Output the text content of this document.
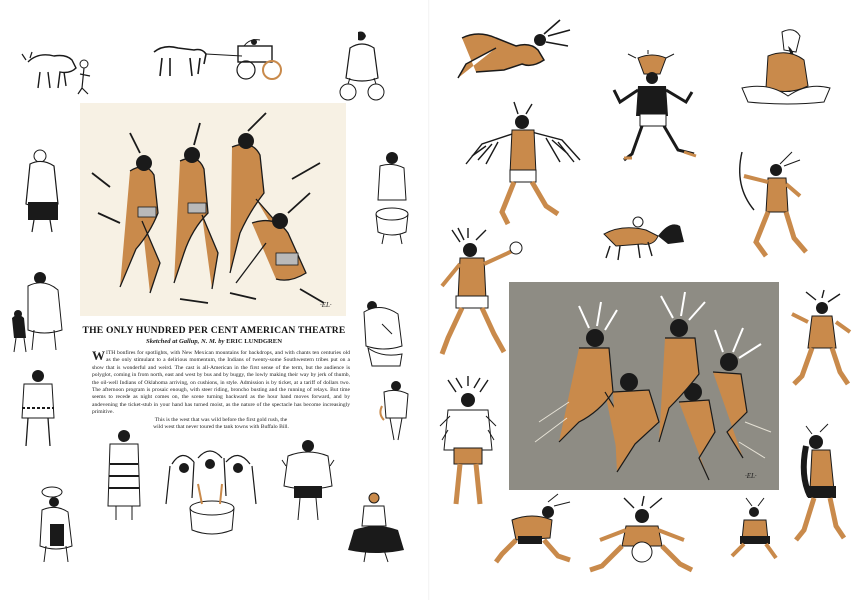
·EL·
THE ONLY HUNDRED PER CENT AMERICAN THEATRE
Sketched at Gallup, N. M. by ERIC LUNDGREN

WITH bonfires for spotlights, with New Mexican mountains for backdrops, and with chants ten centuries old as the only stimulant to a delirious momentum, the Indians of twenty-some Southwestern tribes put on a show that is wonderful and weird. The cast is all-American in the first sense of the term, but the audience is polyglot, coming in from north, east and west by bus and by buggy, the lowly making their way by jerk of thumb, the oil-well Indians of Oklahoma arriving, on cushions, in style. Admission is by ticket, at a tariff of dollars two. The afternoon program is prosaic enough, with steer riding, broncho busting and the running of relays. But time seems to recede as night comes on, the scene turning backward as the hour hand moves forward, and by andevening the ticket-stub in your hand has turned moist, as the nature of the spectacle has become increasingly primitive.

This is the west that was wild before the first gold rush, the

wild west that never toured the tank towns with Buffalo Bill.

·EL·
